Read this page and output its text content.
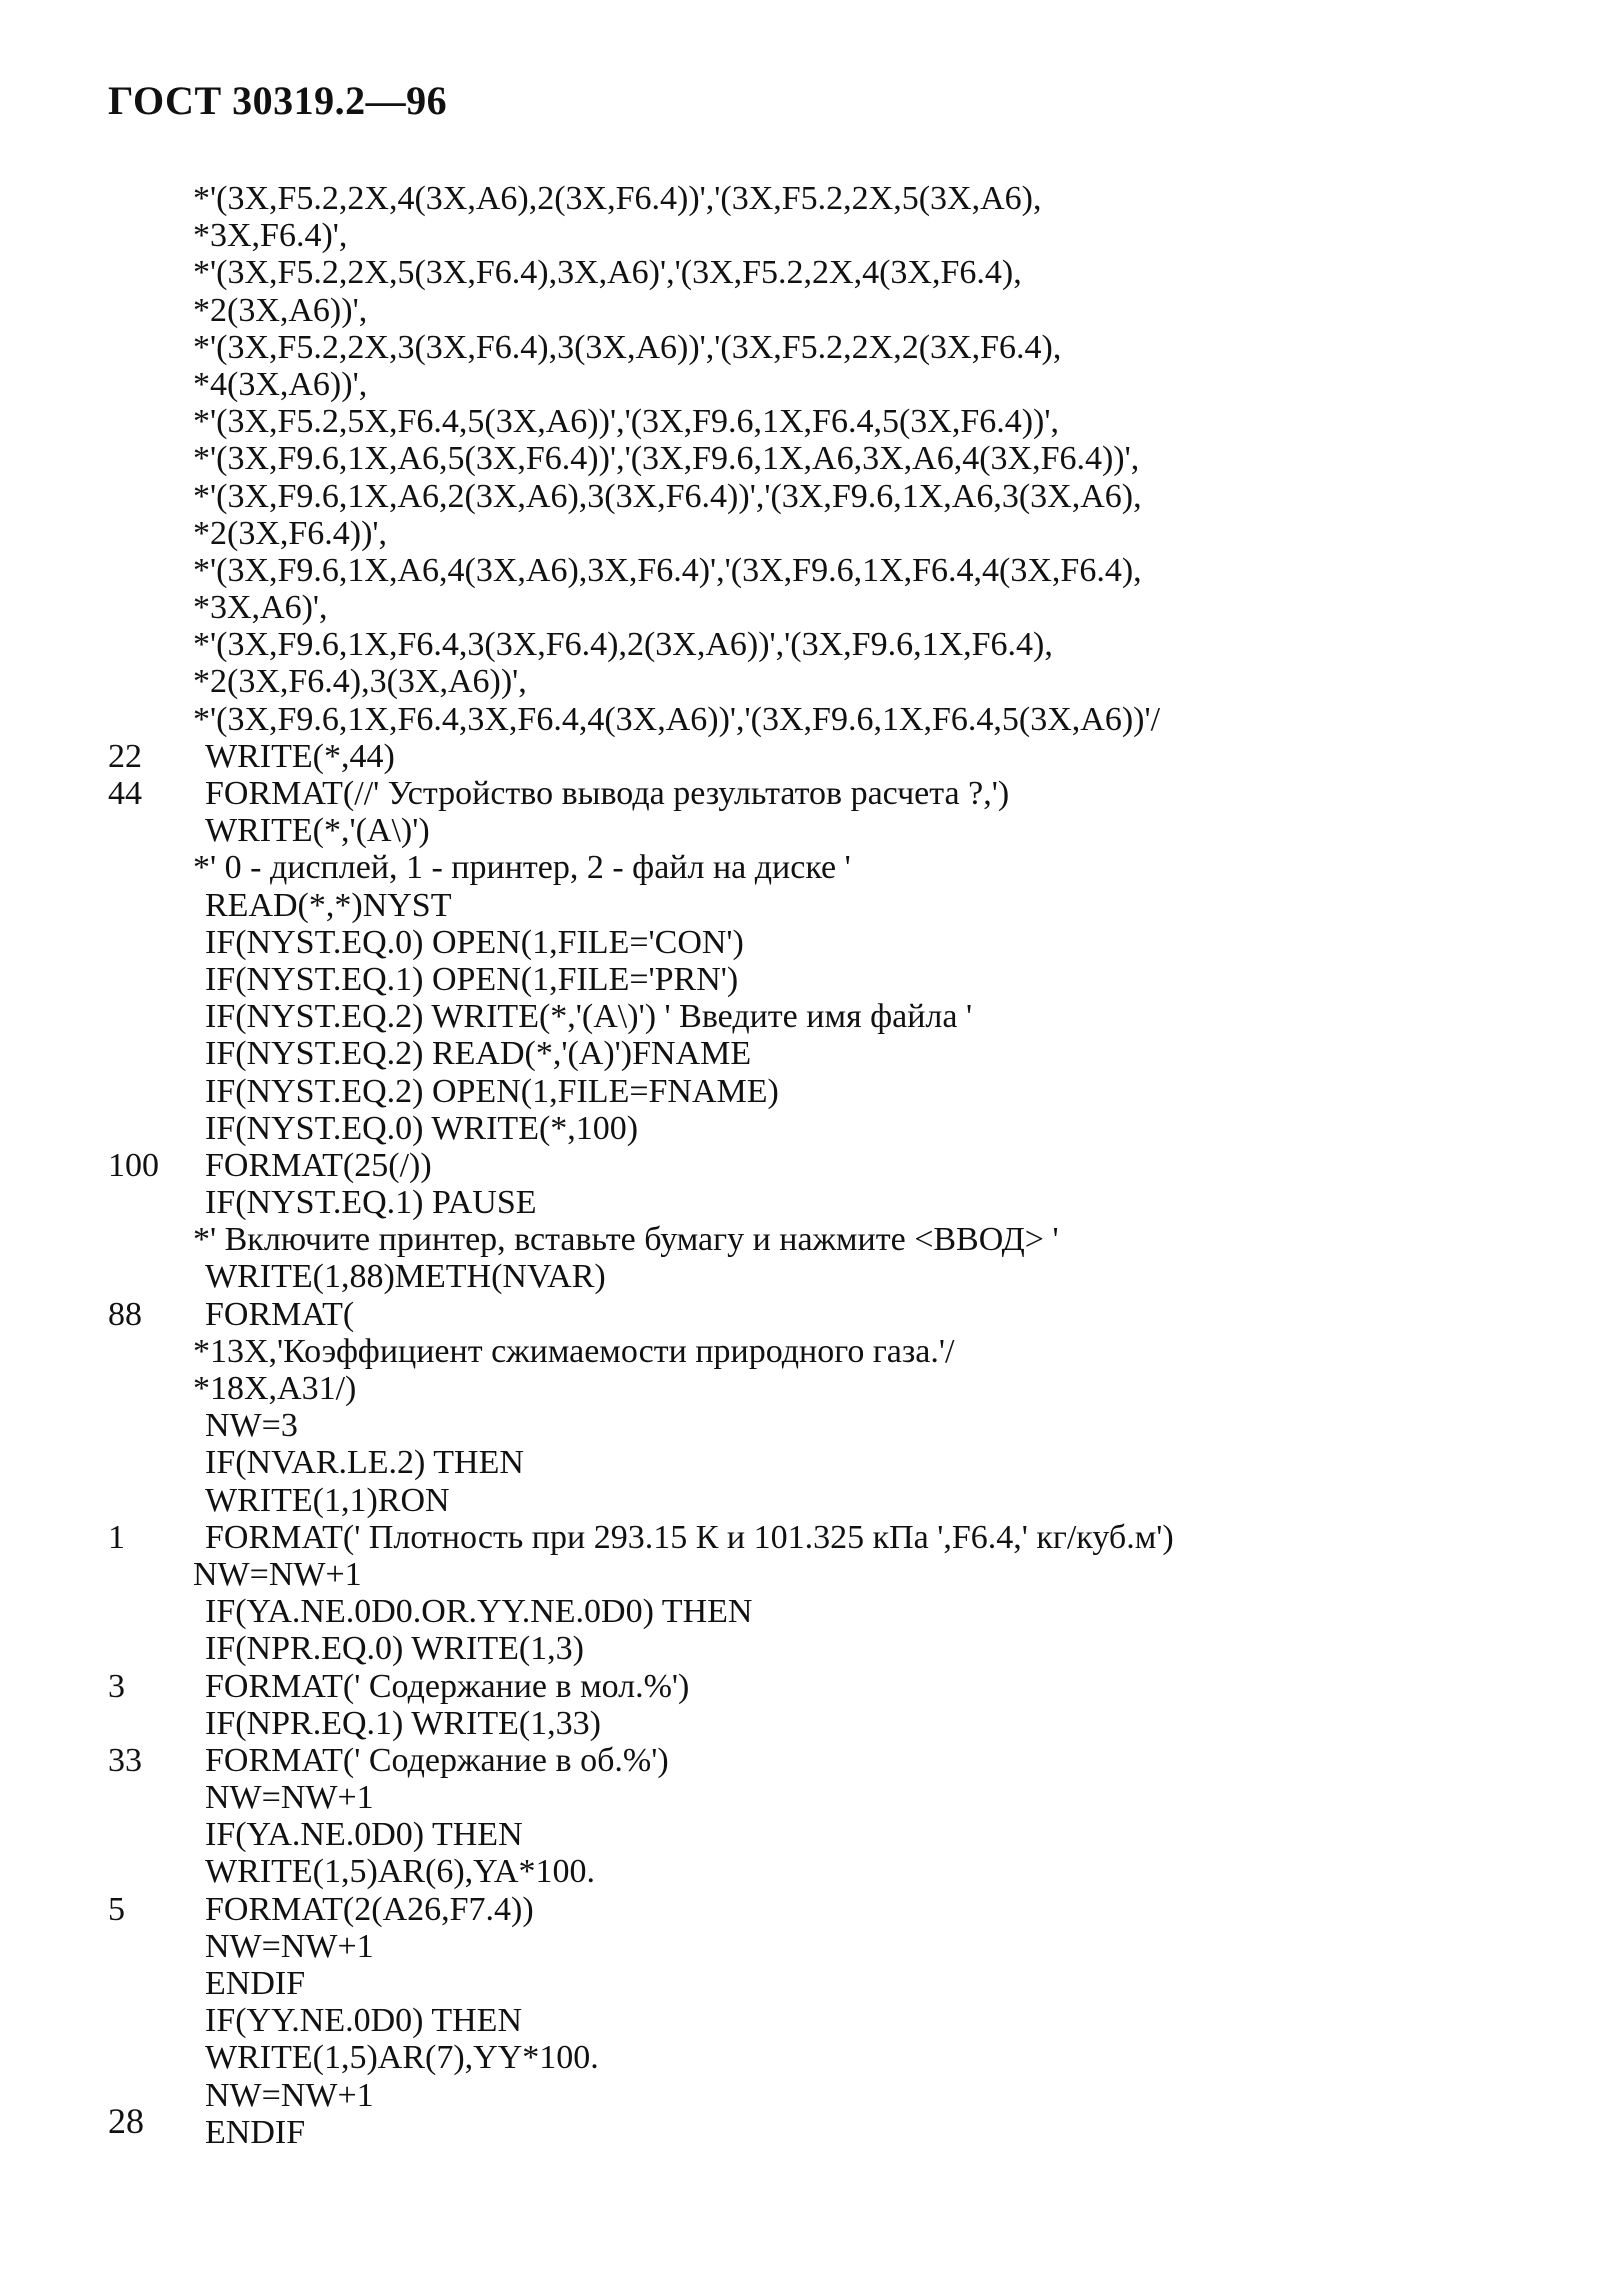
ГОСТ 30319.2—96
*'(3X,F5.2,2X,4(3X,A6),2(3X,F6.4))','(3X,F5.2,2X,5(3X,A6),
*3X,F6.4)',
*'(3X,F5.2,2X,5(3X,F6.4),3X,A6)','(3X,F5.2,2X,4(3X,F6.4),
*2(3X,A6))',
*'(3X,F5.2,2X,3(3X,F6.4),3(3X,A6))','(3X,F5.2,2X,2(3X,F6.4),
*4(3X,A6))',
*'(3X,F5.2,5X,F6.4,5(3X,A6))','(3X,F9.6,1X,F6.4,5(3X,F6.4))',
*'(3X,F9.6,1X,A6,5(3X,F6.4))','(3X,F9.6,1X,A6,3X,A6,4(3X,F6.4))',
*'(3X,F9.6,1X,A6,2(3X,A6),3(3X,F6.4))','(3X,F9.6,1X,A6,3(3X,A6),
*2(3X,F6.4))',
*'(3X,F9.6,1X,A6,4(3X,A6),3X,F6.4)','(3X,F9.6,1X,F6.4,4(3X,F6.4),
*3X,A6)',
*'(3X,F9.6,1X,F6.4,3(3X,F6.4),2(3X,A6))','(3X,F9.6,1X,F6.4),
*2(3X,F6.4),3(3X,A6))',
*'(3X,F9.6,1X,F6.4,3X,F6.4,4(3X,A6))','(3X,F9.6,1X,F6.4,5(3X,A6))'/
22 WRITE(*,44)
44 FORMAT(//' Устройство вывода результатов расчета ?,')
WRITE(*,'(A\)')
*' 0 - дисплей, 1 - принтер, 2 - файл на диске '
READ(*,*)NYST
IF(NYST.EQ.0) OPEN(1,FILE='CON')
IF(NYST.EQ.1) OPEN(1,FILE='PRN')
IF(NYST.EQ.2) WRITE(*,'(A\)') ' Введите имя файла '
IF(NYST.EQ.2) READ(*,'(A)')FNAME
IF(NYST.EQ.2) OPEN(1,FILE=FNAME)
IF(NYST.EQ.0) WRITE(*,100)
100 FORMAT(25(/))
IF(NYST.EQ.1) PAUSE
*' Включите принтер, вставьте бумагу и нажмите <ВВОД> '
WRITE(1,88)METH(NVAR)
88 FORMAT(
*13X,'Коэффициент сжимаемости природного газа.'/
*18X,A31/)
NW=3
IF(NVAR.LE.2) THEN
WRITE(1,1)RON
1 FORMAT(' Плотность при 293.15 К и 101.325 кПа ',F6.4,' кг/куб.м')
NW=NW+1
IF(YA.NE.0D0.OR.YY.NE.0D0) THEN
IF(NPR.EQ.0) WRITE(1,3)
3 FORMAT(' Содержание в мол.%')
IF(NPR.EQ.1) WRITE(1,33)
33 FORMAT(' Содержание в об.%')
NW=NW+1
IF(YA.NE.0D0) THEN
WRITE(1,5)AR(6),YA*100.
5 FORMAT(2(A26,F7.4))
NW=NW+1
ENDIF
IF(YY.NE.0D0) THEN
WRITE(1,5)AR(7),YY*100.
NW=NW+1
ENDIF
28
